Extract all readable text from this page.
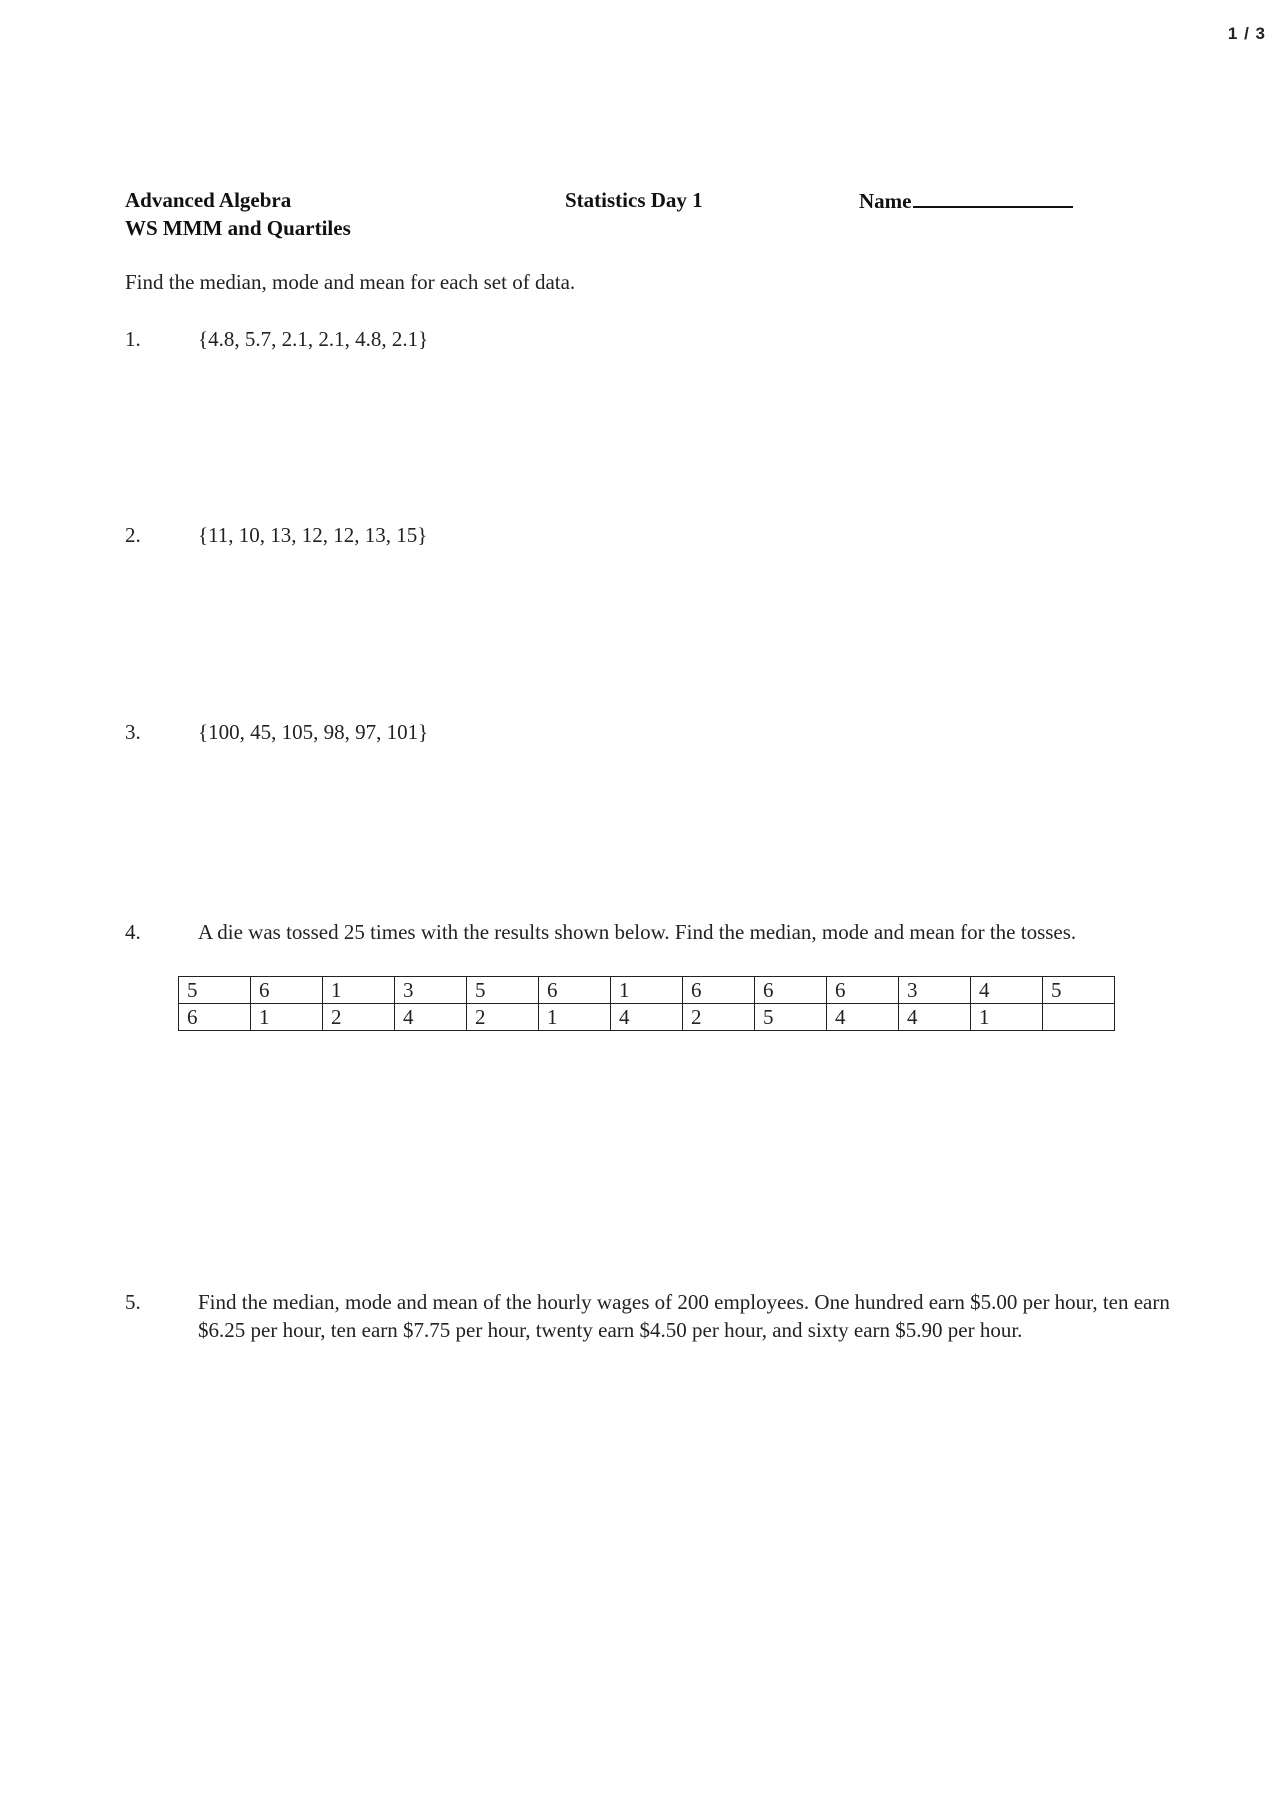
1 / 3
Advanced Algebra
WS MMM and Quartiles
Statistics Day 1	Name
Find the median, mode and mean for each set of data.
1.	{4.8, 5.7, 2.1, 2.1, 4.8, 2.1}
2.	{11, 10, 13, 12, 12, 13, 15}
3.	{100, 45, 105, 98, 97, 101}
4.	A die was tossed 25 times with the results shown below. Find the median, mode and mean for the tosses.
5	6	1	3	5	6	1	6	6	6	3	4	5
6	1	2	4	2	1	4	2	5	4	4	1	
5.	Find the median, mode and mean of the hourly wages of 200 employees. One hundred earn $5.00 per hour, ten earn $6.25 per hour, ten earn $7.75 per hour, twenty earn $4.50 per hour, and sixty earn $5.90 per hour.
